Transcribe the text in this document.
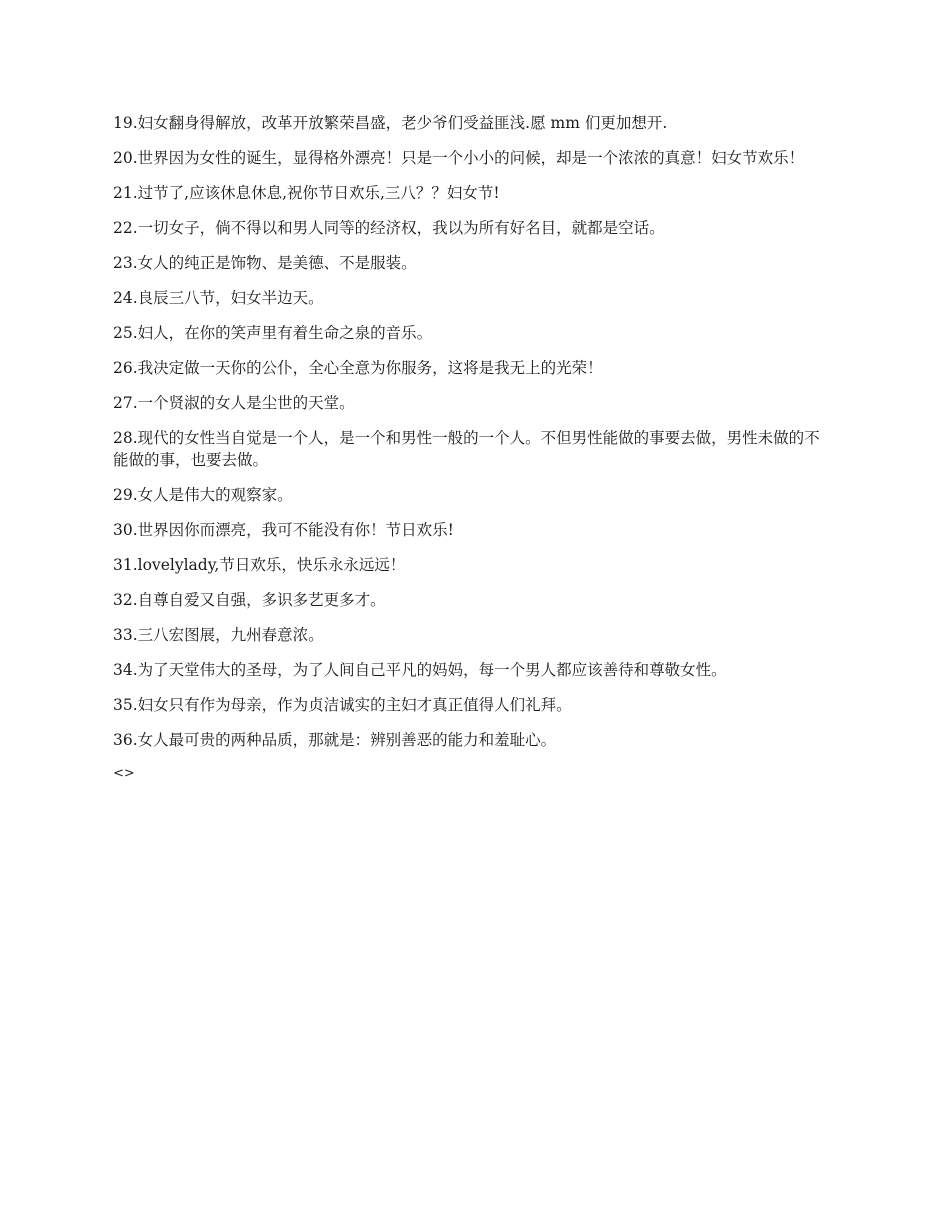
19.妇女翻身得解放，改革开放繁荣昌盛，老少爷们受益匪浅.愿 mm 们更加想开.

20.世界因为女性的诞生，显得格外漂亮！只是一个小小的问候，却是一个浓浓的真意！妇女节欢乐！

21.过节了,应该休息休息,祝你节日欢乐,三八？？妇女节!

22.一切女子，倘不得以和男人同等的经济权，我以为所有好名目，就都是空话。

23.女人的纯正是饰物、是美德、不是服装。

24.良辰三八节，妇女半边天。

25.妇人，在你的笑声里有着生命之泉的音乐。

26.我决定做一天你的公仆，全心全意为你服务，这将是我无上的光荣！

27.一个贤淑的女人是尘世的天堂。

28.现代的女性当自觉是一个人，是一个和男性一般的一个人。不但男性能做的事要去做，男性未做的不能做的事，也要去做。

29.女人是伟大的观察家。

30.世界因你而漂亮，我可不能没有你！节日欢乐!

31.lovelylady,节日欢乐，快乐永永远远！

32.自尊自爱又自强，多识多艺更多才。

33.三八宏图展，九州春意浓。

34.为了天堂伟大的圣母，为了人间自己平凡的妈妈，每一个男人都应该善待和尊敬女性。

35.妇女只有作为母亲，作为贞洁诚实的主妇才真正值得人们礼拜。

36.女人最可贵的两种品质，那就是：辨别善恶的能力和羞耻心。

<>
